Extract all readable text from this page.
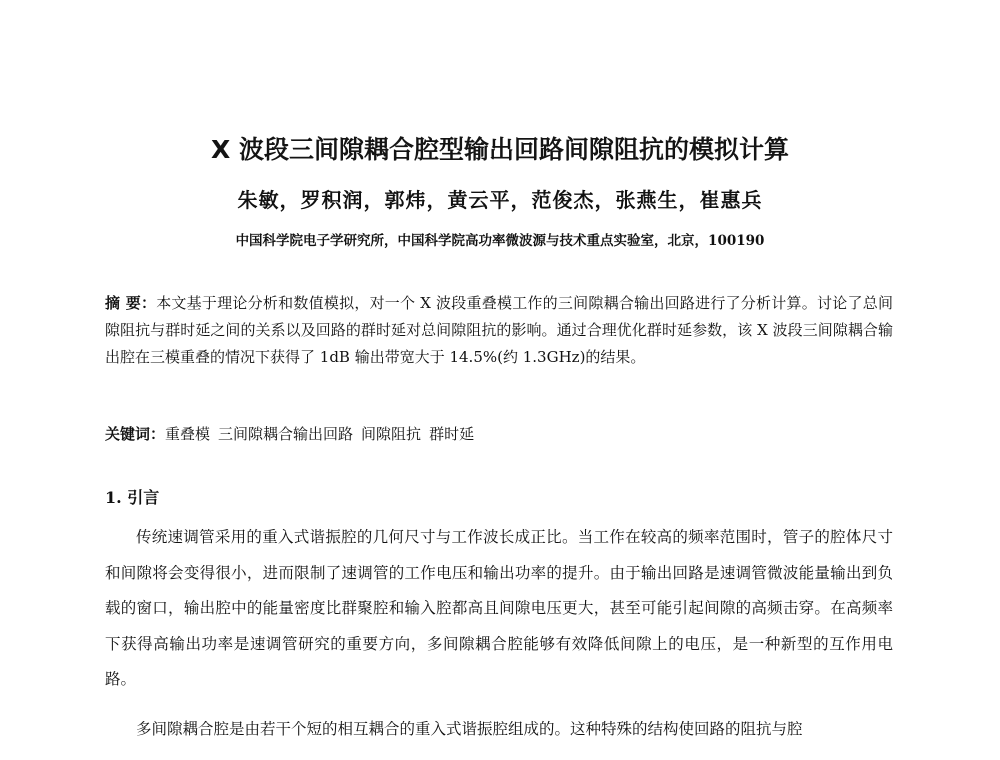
X 波段三间隙耦合腔型输出回路间隙阻抗的模拟计算
朱敏，罗积润，郭炜，黄云平，范俊杰，张燕生，崔惠兵
中国科学院电子学研究所，中国科学院高功率微波源与技术重点实验室，北京，100190
摘 要：本文基于理论分析和数值模拟，对一个 X 波段重叠模工作的三间隙耦合输出回路进行了分析计算。讨论了总间隙阻抗与群时延之间的关系以及回路的群时延对总间隙阻抗的影响。通过合理优化群时延参数，该 X 波段三间隙耦合输出腔在三模重叠的情况下获得了 1dB 输出带宽大于 14.5%(约 1.3GHz)的结果。
关键词：重叠模 三间隙耦合输出回路 间隙阻抗 群时延
1. 引言
传统速调管采用的重入式谐振腔的几何尺寸与工作波长成正比。当工作在较高的频率范围时，管子的腔体尺寸和间隙将会变得很小，进而限制了速调管的工作电压和输出功率的提升。由于输出回路是速调管微波能量输出到负载的窗口，输出腔中的能量密度比群聚腔和输入腔都高且间隙电压更大，甚至可能引起间隙的高频击穿。在高频率下获得高输出功率是速调管研究的重要方向，多间隙耦合腔能够有效降低间隙上的电压，是一种新型的互作用电路。
多间隙耦合腔是由若干个短的相互耦合的重入式谐振腔组成的。这种特殊的结构使回路的阻抗与腔
